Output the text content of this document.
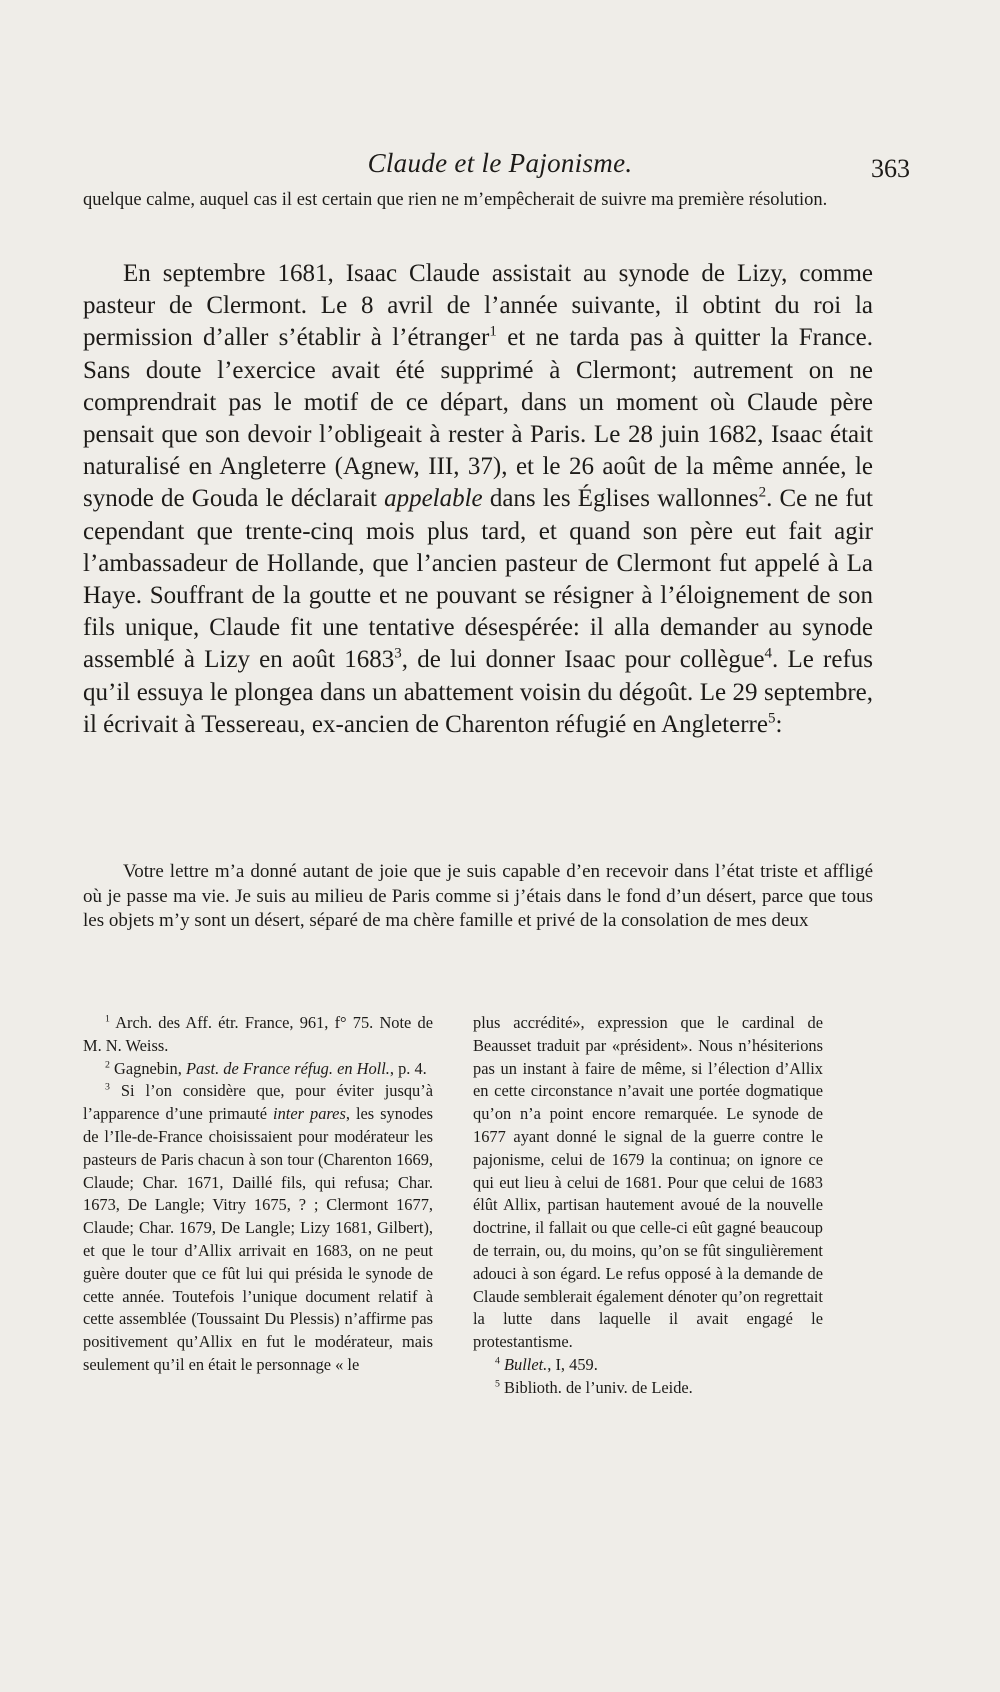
Claude et le Pajonisme.	363

quelque calme, auquel cas il est certain que rien ne m’empêcherait de suivre ma première résolution.

En septembre 1681, Isaac Claude assistait au synode de Lizy, comme pasteur de Clermont. Le 8 avril de l’année suivante, il obtint du roi la permission d’aller s’établir à l’étranger$^1$ et ne tarda pas à quitter la France. Sans doute l’exercice avait été supprimé à Clermont; autrement on ne comprendrait pas le motif de ce départ, dans un moment où Claude père pensait que son devoir l’obligeait à rester à Paris. Le 28 juin 1682, Isaac était naturalisé en Angleterre (Agnew, III, 37), et le 26 août de la même année, le synode de Gouda le déclarait appelable dans les Églises wallonnes$^2$. Ce ne fut cependant que trente-cinq mois plus tard, et quand son père eut fait agir l’ambassadeur de Hollande, que l’ancien pasteur de Clermont fut appelé à La Haye. Souffrant de la goutte et ne pouvant se résigner à l’éloignement de son fils unique, Claude fit une tentative désespérée: il alla demander au synode assemblé à Lizy en août 1683$^3$, de lui donner Isaac pour collègue$^4$. Le refus qu’il essuya le plongea dans un abattement voisin du dégoût. Le 29 septembre, il écrivait à Tessereau, ex-ancien de Charenton réfugié en Angleterre$^5$:

Votre lettre m’a donné autant de joie que je suis capable d’en recevoir dans l’état triste et affligé où je passe ma vie. Je suis au milieu de Paris comme si j’étais dans le fond d’un désert, parce que tous les objets m’y sont un désert, séparé de ma chère famille et privé de la consolation de mes deux

$^1$ Arch. des Aff. étr. France, 961, f° 75. Note de M. N. Weiss.

$^2$ Gagnebin, Past. de France réfug. en Holl., p. 4.

$^3$ Si l’on considère que, pour éviter jusqu’à l’apparence d’une primauté inter pares, les synodes de l’Ile-de-France choisissaient pour modérateur les pasteurs de Paris chacun à son tour (Charenton 1669, Claude; Char. 1671, Daillé fils, qui refusa; Char. 1673, De Langle; Vitry 1675, ? ; Clermont 1677, Claude; Char. 1679, De Langle; Lizy 1681, Gilbert), et que le tour d’Allix arrivait en 1683, on ne peut guère douter que ce fût lui qui présida le synode de cette année. Toutefois l’unique document relatif à cette assemblée (Toussaint Du Plessis) n’affirme pas positivement qu’Allix en fut le modérateur, mais seulement qu’il en était le personnage « le

plus accrédité», expression que le cardinal de Beausset traduit par «président». Nous n’hésiterions pas un instant à faire de même, si l’élection d’Allix en cette circonstance n’avait une portée dogmatique qu’on n’a point encore remarquée. Le synode de 1677 ayant donné le signal de la guerre contre le pajonisme, celui de 1679 la continua; on ignore ce qui eut lieu à celui de 1681. Pour que celui de 1683 élût Allix, partisan hautement avoué de la nouvelle doctrine, il fallait ou que celle-ci eût gagné beaucoup de terrain, ou, du moins, qu’on se fût singulièrement adouci à son égard. Le refus opposé à la demande de Claude semblerait également dénoter qu’on regrettait la lutte dans laquelle il avait engagé le protestantisme.

$^4$ Bullet., I, 459.

$^5$ Biblioth. de l’univ. de Leide.
